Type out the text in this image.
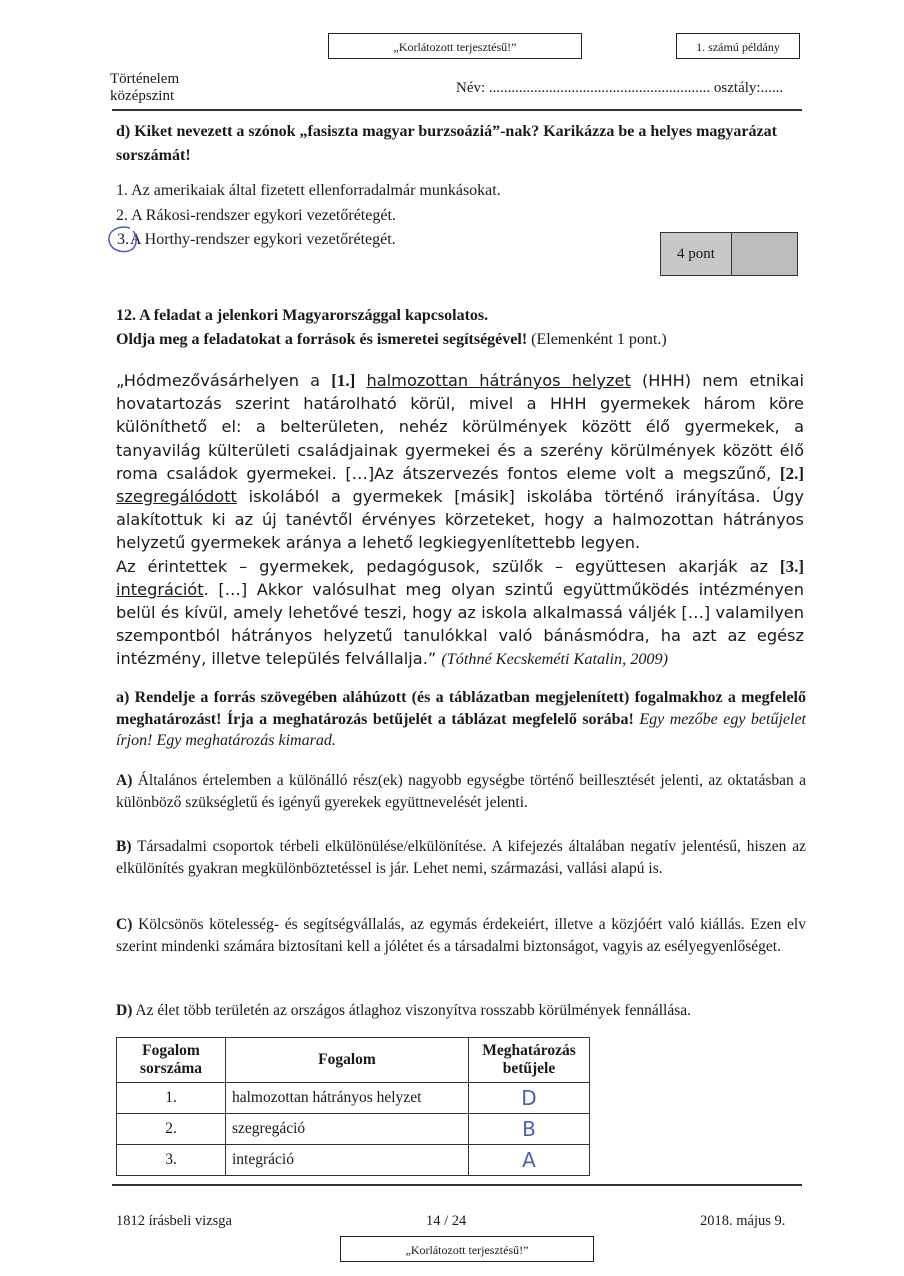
„Korlátozott terjesztésű!”	1. számú példány
Történelem
középszint	Név: ........................................................... osztály:......
d) Kiket nevezett a szónok „fasiszta magyar burzsoáziá”-nak? Karikázza be a helyes magyarázat sorszámát!
1. Az amerikaiak által fizetett ellenforradalmár munkásokat.
2. A Rákosi-rendszer egykori vezetőrétegét.
3.
A Horthy-rendszer egykori vezetőrétegét.
4 pont
12. A feladat a jelenkori Magyarországgal kapcsolatos.
Oldja meg a feladatokat a források és ismeretei segítségével! (Elemenként 1 pont.)
„Hódmezővásárhelyen a [1.] halmozottan hátrányos helyzet (HHH) nem etnikai hovatartozás szerint határolható körül, mivel a HHH gyermekek három köre különíthető el: a belterületen, nehéz körülmények között élő gyermekek, a tanyavilág külterületi családjainak gyermekei és a szerény körülmények között élő roma családok gyermekei. […]Az átszervezés fontos eleme volt a megszűnő, [2.] szegregálódott iskolából a gyermekek [másik] iskolába történő irányítása. Úgy alakítottuk ki az új tanévtől érvényes körzeteket, hogy a halmozottan hátrányos helyzetű gyermekek aránya a lehető legkiegyenlítettebb legyen.
Az érintettek – gyermekek, pedagógusok, szülők – együttesen akarják az [3.] integrációt. […] Akkor valósulhat meg olyan szintű együttműködés intézményen belül és kívül, amely lehetővé teszi, hogy az iskola alkalmassá váljék […] valamilyen szempontból hátrányos helyzetű tanulókkal való bánásmódra, ha azt az egész intézmény, illetve település felvállalja.” (Tóthné Kecskeméti Katalin, 2009)
a) Rendelje a forrás szövegében aláhúzott (és a táblázatban megjelenített) fogalmakhoz a megfelelő meghatározást! Írja a meghatározás betűjelét a táblázat megfelelő sorába! Egy mezőbe egy betűjelet írjon! Egy meghatározás kimarad.
A) Általános értelemben a különálló rész(ek) nagyobb egységbe történő beillesztését jelenti, az oktatásban a különböző szükségletű és igényű gyerekek együttnevelését jelenti.
B) Társadalmi csoportok térbeli elkülönülése/elkülönítése. A kifejezés általában negatív jelentésű, hiszen az elkülönítés gyakran megkülönböztetéssel is jár. Lehet nemi, származási, vallási alapú is.
C) Kölcsönös kötelesség- és segítségvállalás, az egymás érdekeiért, illetve a közjóért való kiállás. Ezen elv szerint mindenki számára biztosítani kell a jólétet és a társadalmi biztonságot, vagyis az esélyegyenlőséget.
D) Az élet több területén az országos átlaghoz viszonyítva rosszabb körülmények fennállása.
Fogalom sorszáma	Fogalom	Meghatározás betűjele
1.	halmozottan hátrányos helyzet	D
2.	szegregáció	B
3.	integráció	A
1812 írásbeli vizsga	14 / 24	2018. május 9.
„Korlátozott terjesztésű!”
